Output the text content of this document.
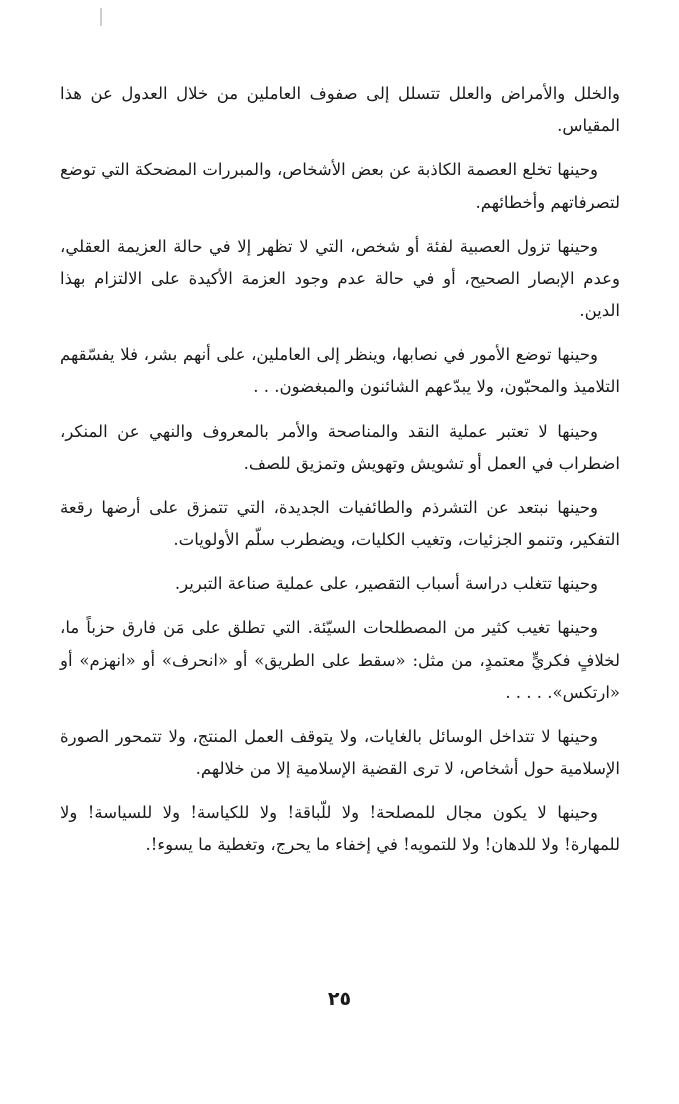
والخلل والأمراض والعلل تتسلل إلى صفوف العاملين من خلال العدول عن هذا المقياس.

وحينها تخلع العصمة الكاذبة عن بعض الأشخاص، والمبررات المضحكة التي توضع لتصرفاتهم وأخطائهم.

وحينها تزول العصبية لفئة أو شخص، التي لا تظهر إلا في حالة العزيمة العقلي، وعدم الإبصار الصحيح، أو في حالة عدم وجود العزمة الأكيدة على الالتزام بهذا الدين.

وحينها توضع الأمور في نصابها، وينظر إلى العاملين، على أنهم بشر، فلا يفسّقهم التلاميذ والمحبّون، ولا يبدّعهم الشائنون والمبغضون. . .

وحينها لا تعتبر عملية النقد والمناصحة والأمر بالمعروف والنهي عن المنكر، اضطراب في العمل أو تشويش وتهويش وتمزيق للصف.

وحينها نبتعد عن التشرذم والطائفيات الجديدة، التي تتمزق على أرضها رقعة التفكير، وتنمو الجزئيات، وتغيب الكليات، ويضطرب سلّم الأولويات.

وحينها تتغلب دراسة أسباب التقصير، على عملية صناعة التبرير.

وحينها تغيب كثير من المصطلحات السيّئة. التي تطلق على مَن فارق حزباً ما، لخلافٍ فكريٍّ معتمدٍ، من مثل: «سقط على الطريق» أو «انحرف» أو «انهزم» أو «ارتكس». . . . .

وحينها لا تتداخل الوسائل بالغايات، ولا يتوقف العمل المنتج، ولا تتمحور الصورة الإسلامية حول أشخاص، لا ترى القضية الإسلامية إلا من خلالهم.

وحينها لا يكون مجال للمصلحة! ولا للّباقة! ولا للكياسة! ولا للسياسة! ولا للمهارة! ولا للدهان! ولا للتمويه! في إخفاء ما يحرج، وتغطية ما يسوء!.

٢٥
